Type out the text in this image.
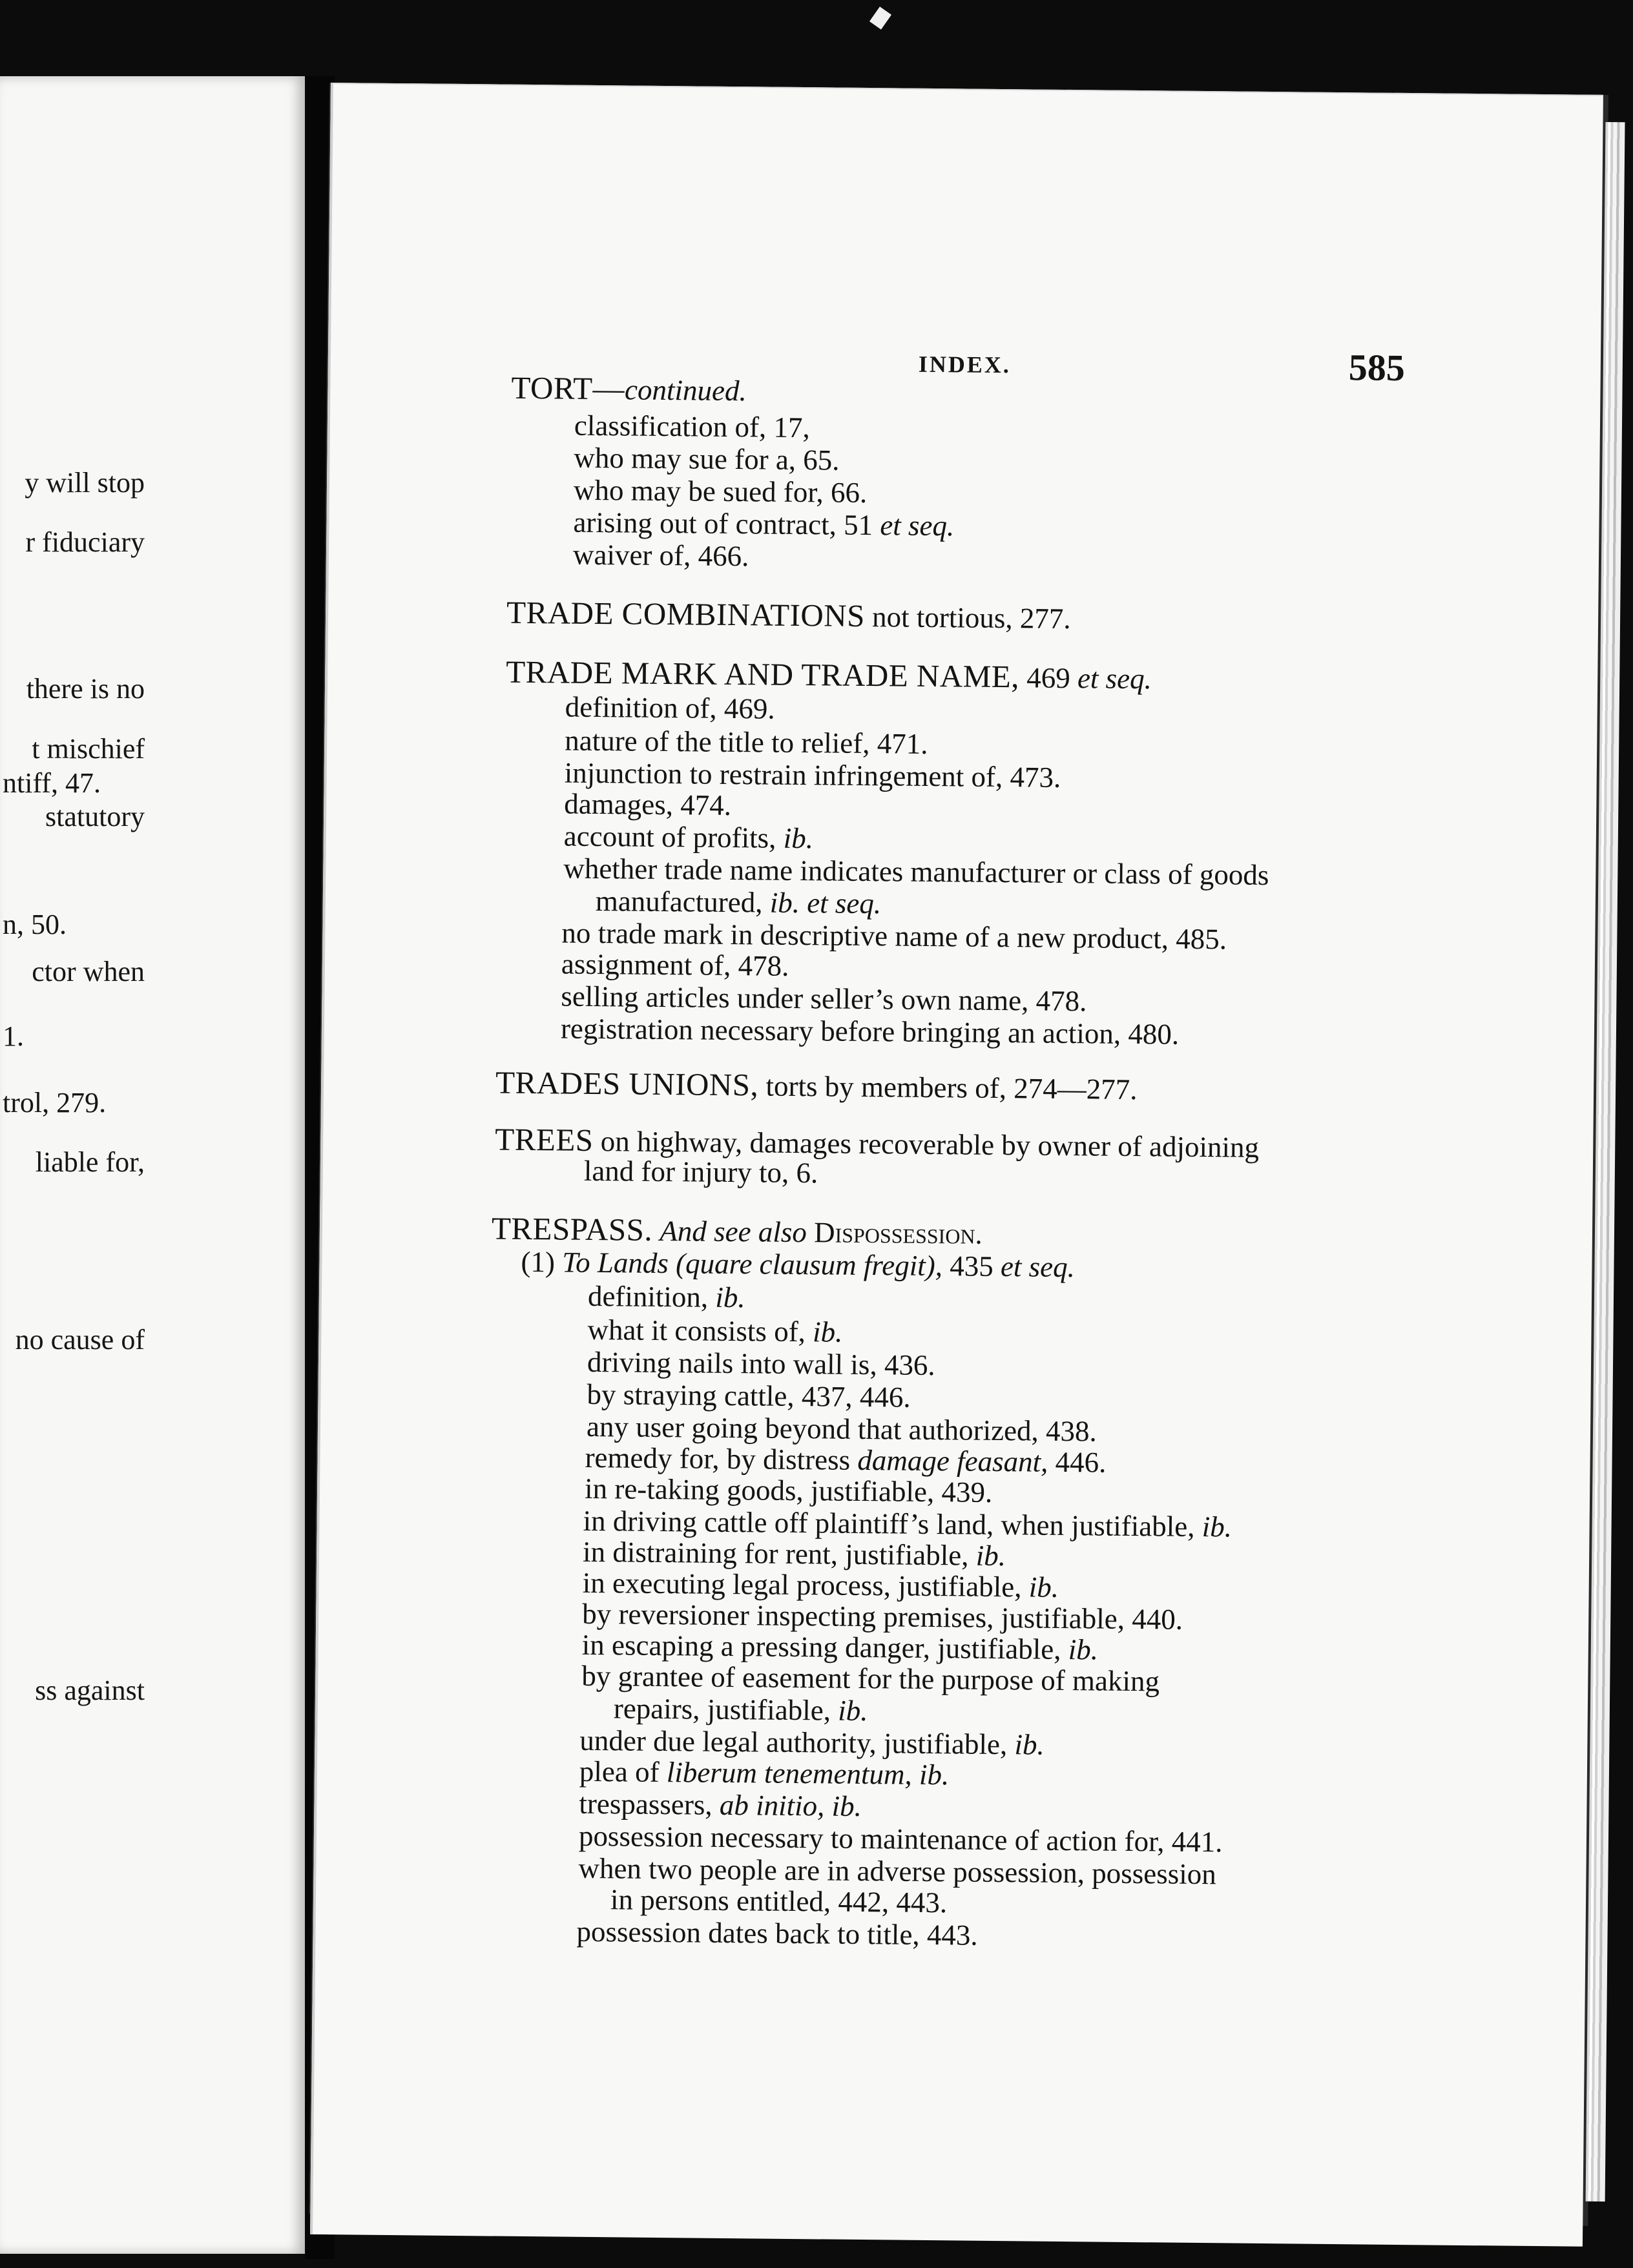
y will stop
r fiduciary
there is no
t mischief
ntiff, 47.
statutory
n, 50.
ctor when
1.
trol, 279.
liable for,
no cause of
ss against
INDEX.	585
TORT—continued.
classification of, 17,
who may sue for a, 65.
who may be sued for, 66.
arising out of contract, 51 et seq.
waiver of, 466.
TRADE COMBINATIONS not tortious, 277.
TRADE MARK AND TRADE NAME, 469 et seq.
definition of, 469.
nature of the title to relief, 471.
injunction to restrain infringement of, 473.
damages, 474.
account of profits, ib.
whether trade name indicates manufacturer or class of goods
manufactured, ib. et seq.
no trade mark in descriptive name of a new product, 485.
assignment of, 478.
selling articles under seller’s own name, 478.
registration necessary before bringing an action, 480.
TRADES UNIONS, torts by members of, 274—277.
TREES on highway, damages recoverable by owner of adjoining
land for injury to, 6.
TRESPASS. And see also Dispossession.
(1) To Lands (quare clausum fregit), 435 et seq.
definition, ib.
what it consists of, ib.
driving nails into wall is, 436.
by straying cattle, 437, 446.
any user going beyond that authorized, 438.
remedy for, by distress damage feasant, 446.
in re-taking goods, justifiable, 439.
in driving cattle off plaintiff’s land, when justifiable, ib.
in distraining for rent, justifiable, ib.
in executing legal process, justifiable, ib.
by reversioner inspecting premises, justifiable, 440.
in escaping a pressing danger, justifiable, ib.
by grantee of easement for the purpose of making
repairs, justifiable, ib.
under due legal authority, justifiable, ib.
plea of liberum tenementum, ib.
trespassers, ab initio, ib.
possession necessary to maintenance of action for, 441.
when two people are in adverse possession, possession
in persons entitled, 442, 443.
possession dates back to title, 443.
